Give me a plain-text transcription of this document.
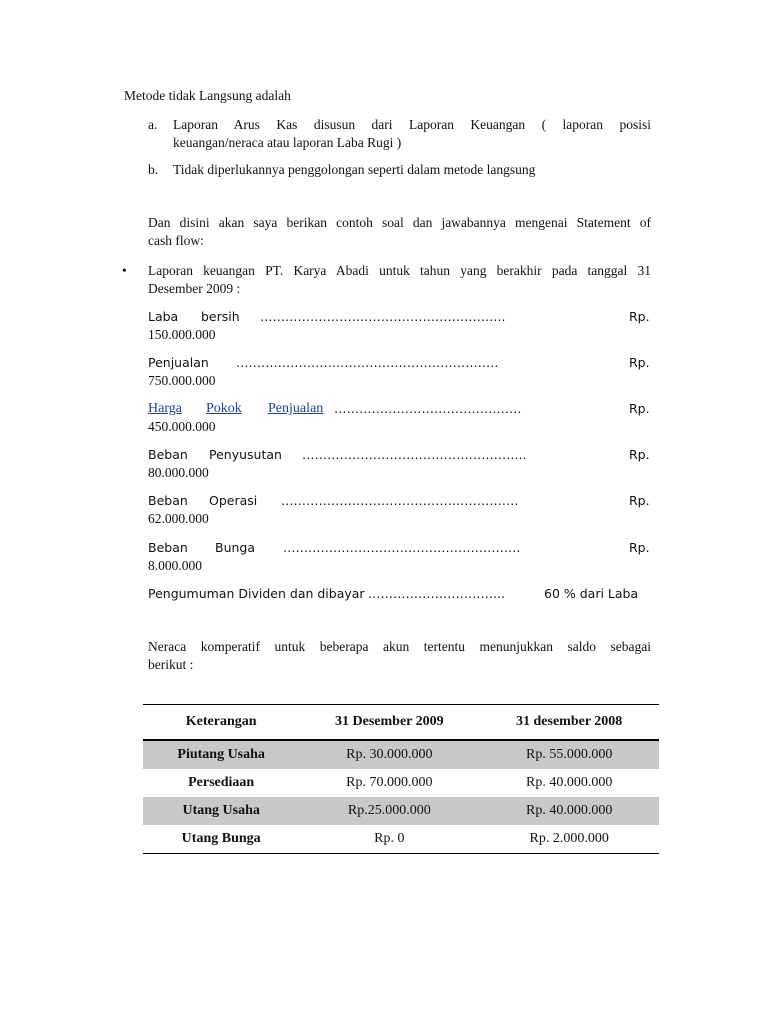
Metode tidak Langsung adalah
a. Laporan Arus Kas disusun dari Laporan Keuangan ( laporan posisi
keuangan/neraca atau laporan Laba Rugi )
b. Tidak diperlukannya penggolongan seperti dalam metode langsung
Dan disini akan saya berikan contoh soal dan jawabannya mengenai Statement of
cash flow:
• Laporan keuangan PT. Karya Abadi untuk tahun yang berakhir pada tanggal 31
Desember 2009 :
Laba bersih …………………………………………………..	Rp.
150.000.000
Penjualan ………………………………………………………	Rp.
750.000.000
Harga Pokok Penjualan ………………………………………	Rp.
450.000.000
Beban Penyusutan ……………………………………………...	Rp.
80.000.000
Beban Operasi …………………………………………………	Rp.
62.000.000
Beban Bunga …………………………………………………	Rp.
8.000.000
Pengumuman Dividen dan dibayar …………………………...	60 % dari Laba
Neraca komperatif untuk beberapa akun tertentu menunjukkan saldo sebagai
berikut :
Keterangan	31 Desember 2009	31 desember 2008
Piutang Usaha	Rp. 30.000.000	Rp. 55.000.000
Persediaan	Rp. 70.000.000	Rp. 40.000.000
Utang Usaha	Rp.25.000.000	Rp. 40.000.000
Utang Bunga	Rp. 0	Rp. 2.000.000
